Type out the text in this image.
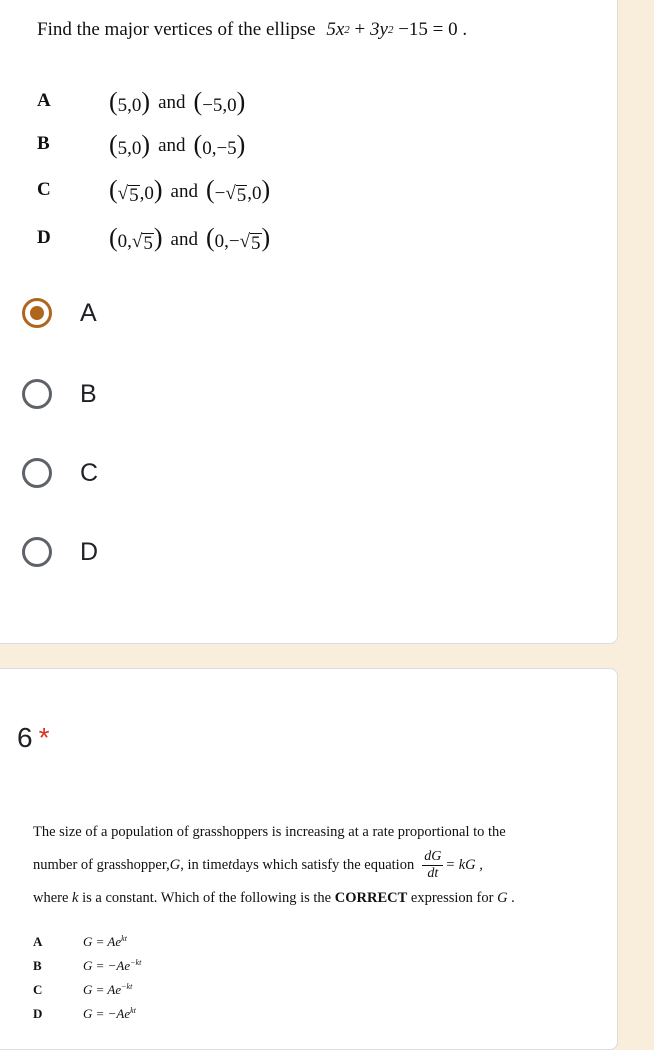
Find the major vertices of the ellipse $5x^2 + 3y^2 -15 = 0$ .
A (5,0) and (−5,0)
B (5,0) and (0,−5)
C ( √ 5 ,0) and (− √ 5 ,0)
D (0, √ 5 ) and (0,− √ 5 )
A
B
C
D
6 *
The size of a population of grasshoppers is increasing at a rate proportional to the
number of grasshopper, G , in time t days which satisfy the equation $\frac{dG}{dt}$ = kG ,
where k is a constant. Which of the following is the CORRECT expression for G .
A	$G = Ae^{kt}$
B	$G = -Ae^{-kt}$
C	$G = Ae^{-kt}$
D	$G = -Ae^{kt}$
